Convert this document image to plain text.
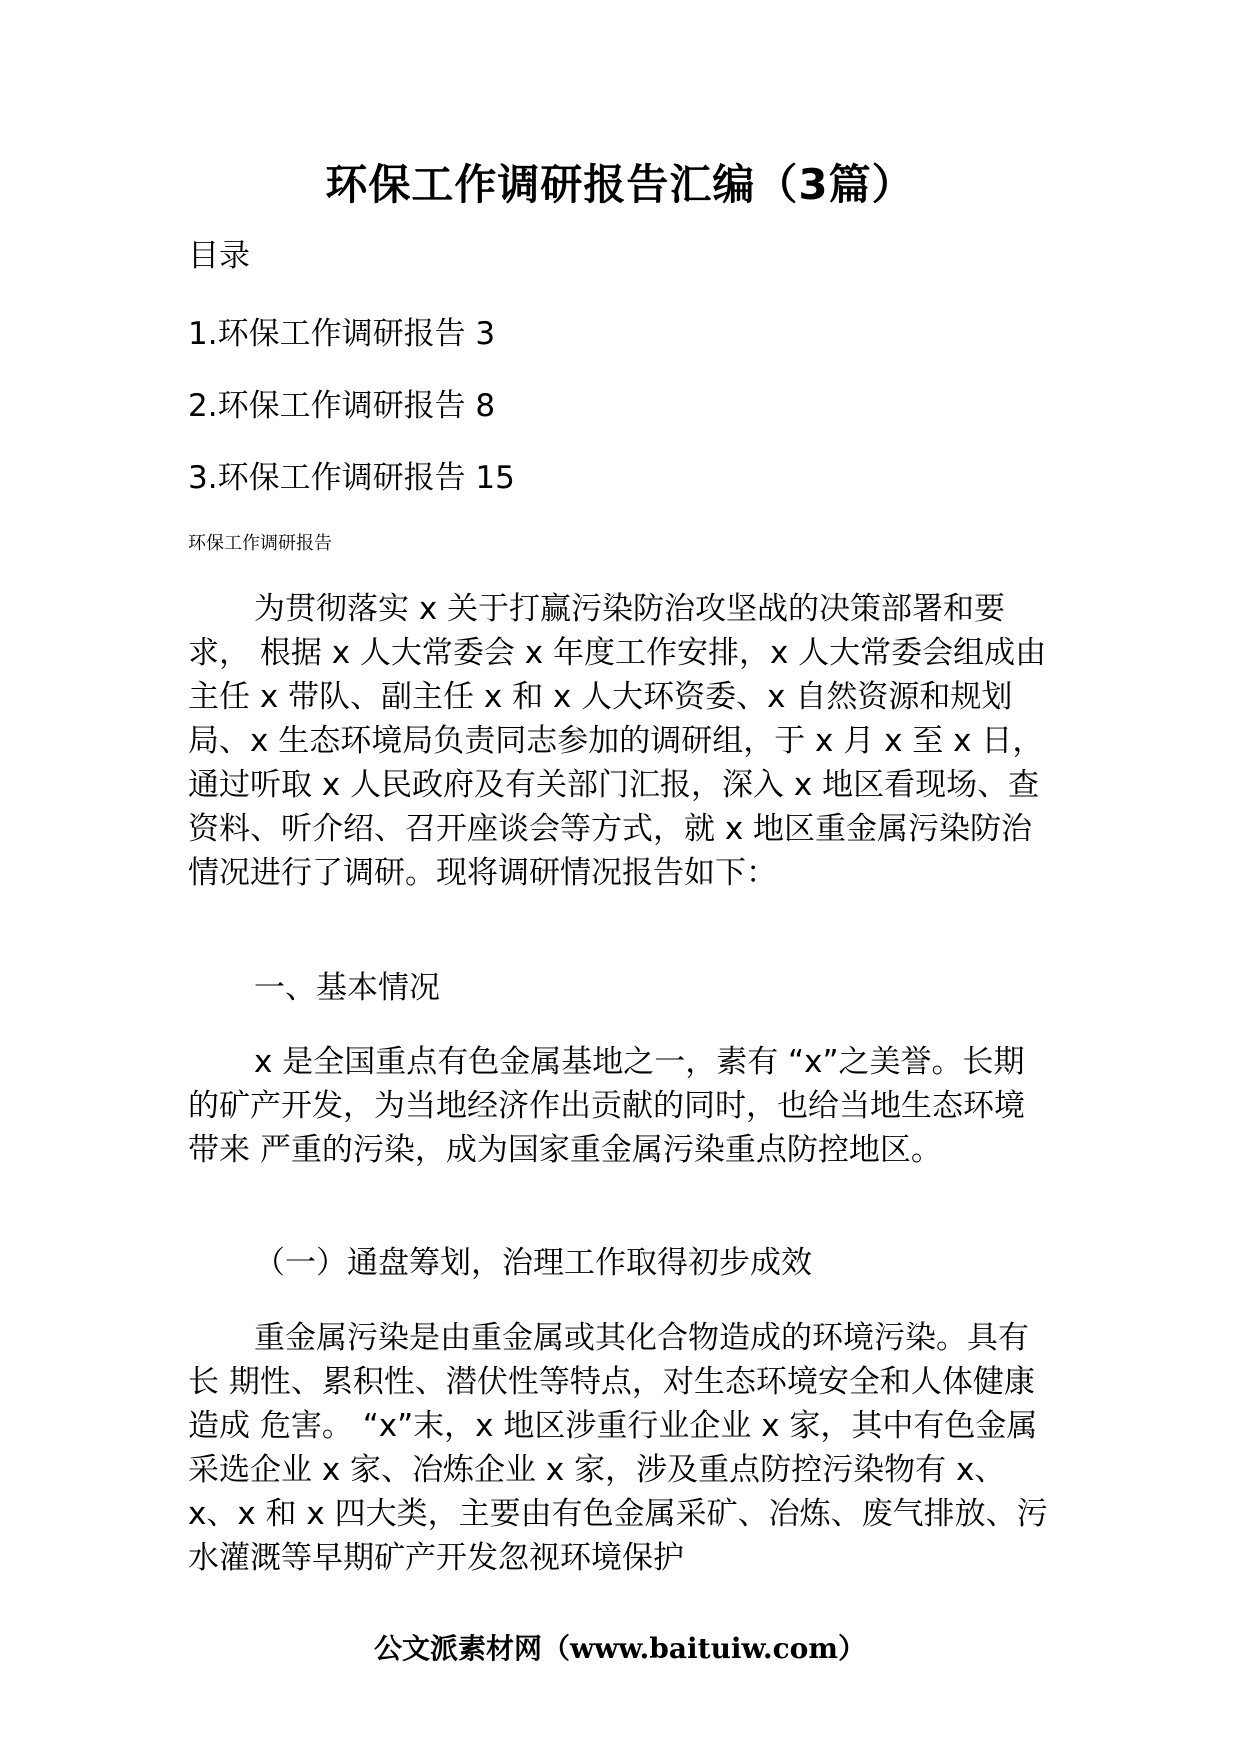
环保工作调研报告汇编（3篇）
目录
1.环保工作调研报告 3
2.环保工作调研报告 8
3.环保工作调研报告 15
环保工作调研报告

为贯彻落实 x 关于打赢污染防治攻坚战的决策部署和要求， 根据 x 人大常委会 x 年度工作安排，x 人大常委会组成由主任 x 带队、副主任 x 和 x 人大环资委、x 自然资源和规划局、x 生态环境局负责同志参加的调研组，于 x 月 x 至 x 日，通过听取 x 人民政府及有关部门汇报，深入 x 地区看现场、查资料、听介绍、召开座谈会等方式，就 x 地区重金属污染防治情况进行了调研。现将调研情况报告如下：

一、基本情况

x 是全国重点有色金属基地之一，素有 “x”之美誉。长期的矿产开发，为当地经济作出贡献的同时，也给当地生态环境带来 严重的污染，成为国家重金属污染重点防控地区。

（一）通盘筹划，治理工作取得初步成效

重金属污染是由重金属或其化合物造成的环境污染。具有长 期性、累积性、潜伏性等特点，对生态环境安全和人体健康造成 危害。 “x”末，x 地区涉重行业企业 x 家，其中有色金属采选企业 x 家、冶炼企业 x 家，涉及重点防控污染物有 x、x、x 和 x 四大类，主要由有色金属采矿、冶炼、废气排放、污水灌溉等早期矿产开发忽视环境保护

公文派素材网（www.baituiw.com）
